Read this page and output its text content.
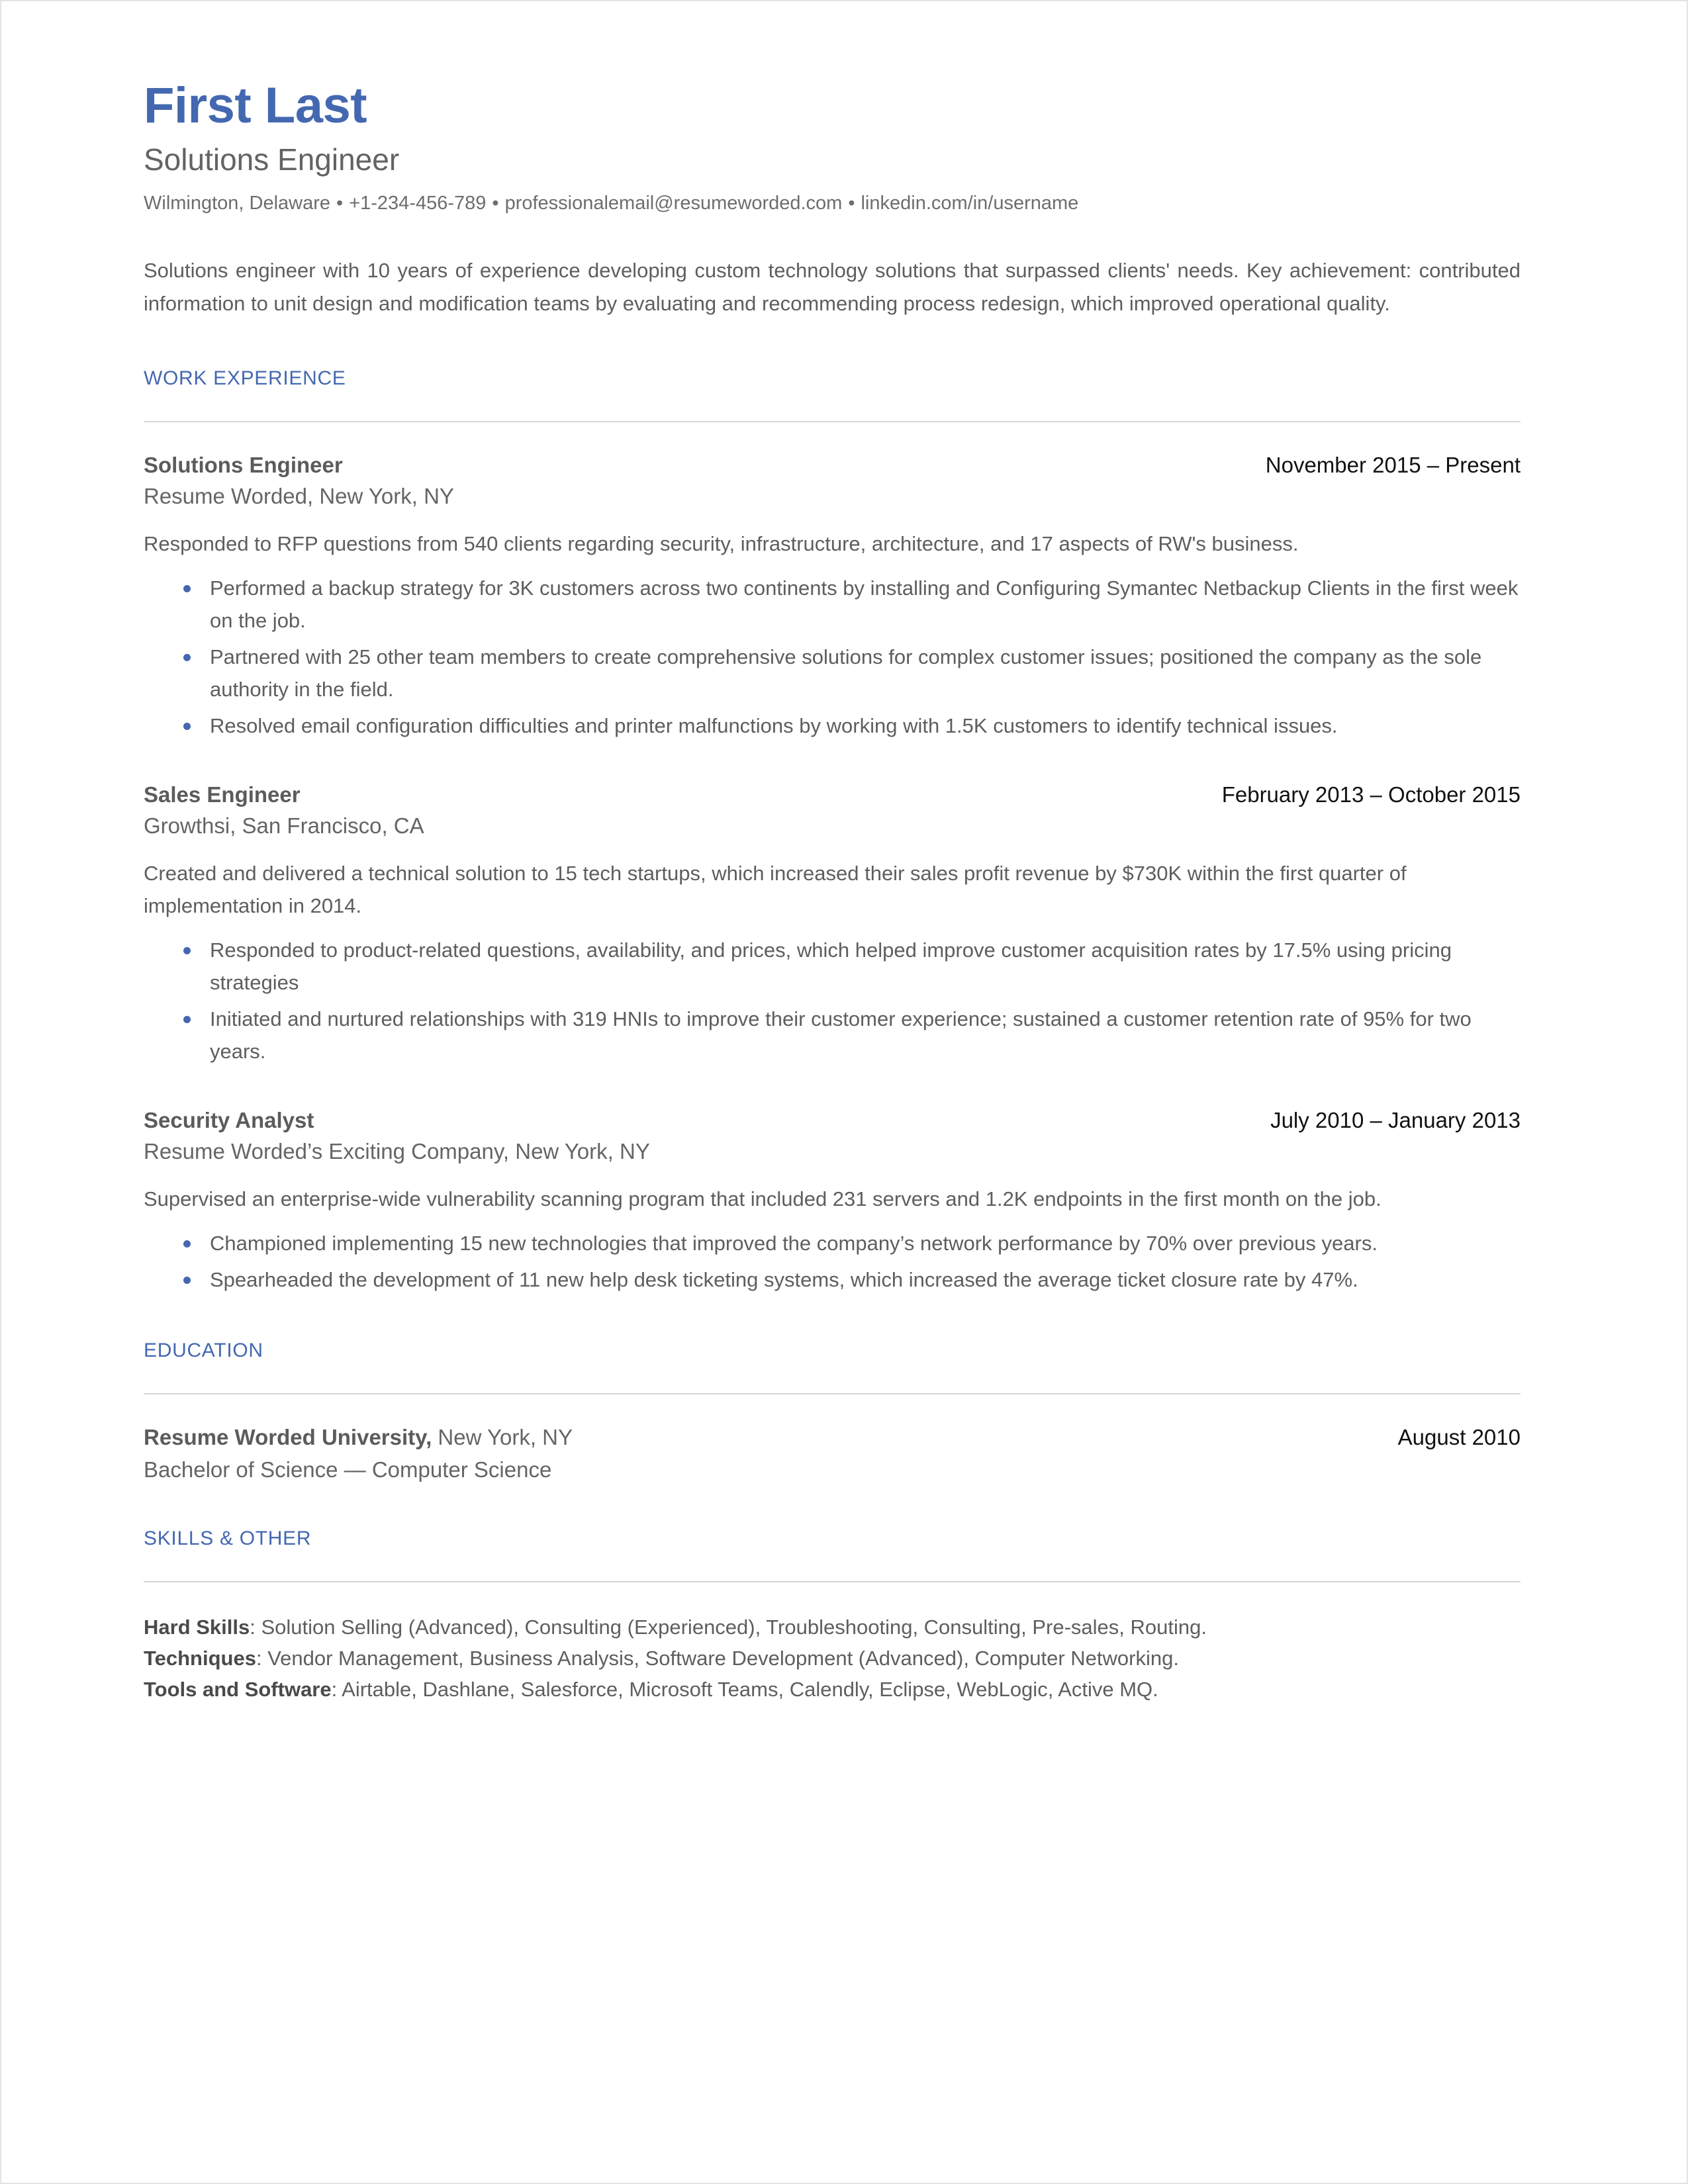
First Last
Solutions Engineer
Wilmington, Delaware • +1-234-456-789 • professionalemail@resumeworded.com • linkedin.com/in/username

Solutions engineer with 10 years of experience developing custom technology solutions that surpassed clients' needs. Key achievement: contributed information to unit design and modification teams by evaluating and recommending process redesign, which improved operational quality.

WORK EXPERIENCE
Solutions Engineer	November 2015 – Present
Resume Worded, New York, NY

Responded to RFP questions from 540 clients regarding security, infrastructure, architecture, and 17 aspects of RW's business.

Performed a backup strategy for 3K customers across two continents by installing and Configuring Symantec Netbackup Clients in the first week on the job.
Partnered with 25 other team members to create comprehensive solutions for complex customer issues; positioned the company as the sole authority in the field.
Resolved email configuration difficulties and printer malfunctions by working with 1.5K customers to identify technical issues.
Sales Engineer	February 2013 – October 2015
Growthsi, San Francisco, CA

Created and delivered a technical solution to 15 tech startups, which increased their sales profit revenue by $730K within the first quarter of implementation in 2014.

Responded to product-related questions, availability, and prices, which helped improve customer acquisition rates by 17.5% using pricing strategies
Initiated and nurtured relationships with 319 HNIs to improve their customer experience; sustained a customer retention rate of 95% for two years.
Security Analyst	July 2010 – January 2013
Resume Worded’s Exciting Company, New York, NY

Supervised an enterprise-wide vulnerability scanning program that included 231 servers and 1.2K endpoints in the first month on the job.

Championed implementing 15 new technologies that improved the company’s network performance by 70% over previous years.
Spearheaded the development of 11 new help desk ticketing systems, which increased the average ticket closure rate by 47%.
EDUCATION
Resume Worded University, New York, NY	August 2010
Bachelor of Science — Computer Science
SKILLS & OTHER
Hard Skills: Solution Selling (Advanced), Consulting (Experienced), Troubleshooting, Consulting, Pre-sales, Routing.
Techniques: Vendor Management, Business Analysis, Software Development (Advanced), Computer Networking.
Tools and Software: Airtable, Dashlane, Salesforce, Microsoft Teams, Calendly, Eclipse, WebLogic, Active MQ.
